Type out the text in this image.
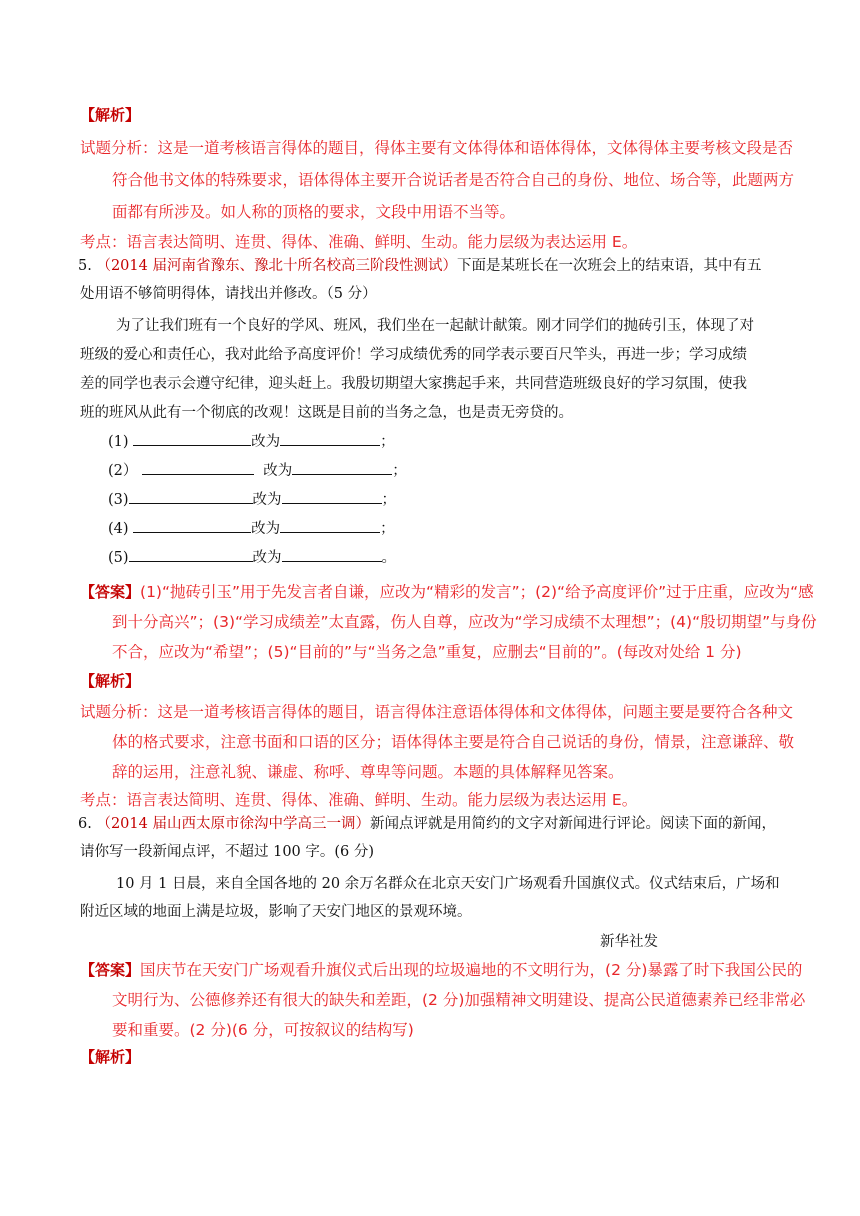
【解析】
试题分析：这是一道考核语言得体的题目，得体主要有文体得体和语体得体，文体得体主要考核文段是否
符合他书文体的特殊要求，语体得体主要开合说话者是否符合自己的身份、地位、场合等，此题两方
面都有所涉及。如人称的顶格的要求，文段中用语不当等。
考点：语言表达简明、连贯、得体、准确、鲜明、生动。能力层级为表达运用 E。
5. （2014 届河南省豫东、豫北十所名校高三阶段性测试）下面是某班长在一次班会上的结束语，其中有五
处用语不够简明得体，请找出并修改。（5 分）
为了让我们班有一个良好的学风、班风，我们坐在一起献计献策。刚才同学们的抛砖引玉，体现了对
班级的爱心和责任心，我对此给予高度评价！学习成绩优秀的同学表示要百尺竿头，再进一步；学习成绩
差的同学也表示会遵守纪律，迎头赶上。我殷切期望大家携起手来，共同营造班级良好的学习氛围，使我
班的班风从此有一个彻底的改观！这既是目前的当务之急，也是责无旁贷的。
(1)	改为	；
(2）	改为	；
(3)	改为	；
(4)	改为	；
(5)	改为	。
【答案】(1)“抛砖引玉”用于先发言者自谦，应改为“精彩的发言”；(2)“给予高度评价”过于庄重，应改为“感
到十分高兴”；(3)“学习成绩差”太直露，伤人自尊，应改为“学习成绩不太理想”；(4)“殷切期望”与身份
不合，应改为“希望”；(5)“目前的”与“当务之急”重复，应删去“目前的”。(每改对处给 1 分)
【解析】
试题分析：这是一道考核语言得体的题目，语言得体注意语体得体和文体得体，问题主要是要符合各种文
体的格式要求，注意书面和口语的区分；语体得体主要是符合自己说话的身份，情景，注意谦辞、敬
辞的运用，注意礼貌、谦虚、称呼、尊卑等问题。本题的具体解释见答案。
考点：语言表达简明、连贯、得体、准确、鲜明、生动。能力层级为表达运用 E。
6. （2014 届山西太原市徐沟中学高三一调）新闻点评就是用简约的文字对新闻进行评论。阅读下面的新闻，
请你写一段新闻点评，不超过 100 字。(6 分)
10 月 1 日晨，来自全国各地的 20 余万名群众在北京天安门广场观看升国旗仪式。仪式结束后，广场和
附近区域的地面上满是垃圾，影响了天安门地区的景观环境。
新华社发
【答案】国庆节在天安门广场观看升旗仪式后出现的垃圾遍地的不文明行为，(2 分)暴露了时下我国公民的
文明行为、公德修养还有很大的缺失和差距，(2 分)加强精神文明建设、提高公民道德素养已经非常必
要和重要。(2 分)(6 分，可按叙议的结构写)
【解析】
